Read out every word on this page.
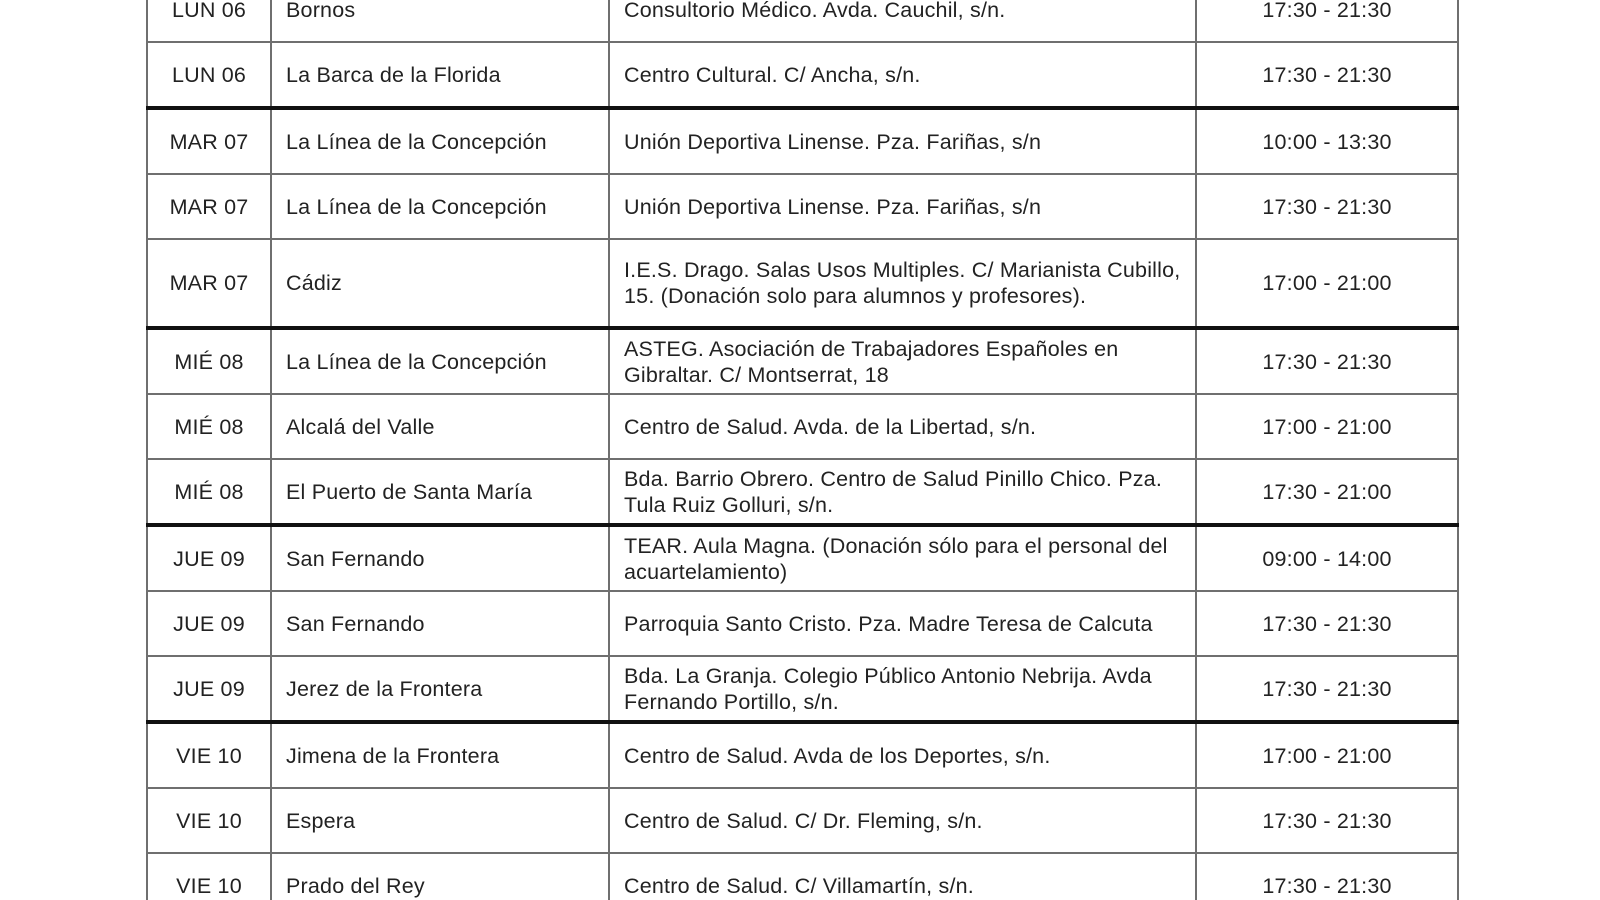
LUN 06	Bornos	Consultorio Médico. Avda. Cauchil, s/n.	17:30 - 21:30
LUN 06	La Barca de la Florida	Centro Cultural. C/ Ancha, s/n.	17:30 - 21:30
MAR 07	La Línea de la Concepción	Unión Deportiva Linense. Pza. Fariñas, s/n	10:00 - 13:30
MAR 07	La Línea de la Concepción	Unión Deportiva Linense. Pza. Fariñas, s/n	17:30 - 21:30
MAR 07	Cádiz	I.E.S. Drago. Salas Usos Multiples. C/ Marianista Cubillo, 15. (Donación solo para alumnos y profesores).	17:00 - 21:00
MIÉ 08	La Línea de la Concepción	ASTEG. Asociación de Trabajadores Españoles en Gibraltar. C/ Montserrat, 18	17:30 - 21:30
MIÉ 08	Alcalá del Valle	Centro de Salud. Avda. de la Libertad, s/n.	17:00 - 21:00
MIÉ 08	El Puerto de Santa María	Bda. Barrio Obrero. Centro de Salud Pinillo Chico. Pza. Tula Ruiz Golluri, s/n.	17:30 - 21:00
JUE 09	San Fernando	TEAR. Aula Magna. (Donación sólo para el personal del acuartelamiento)	09:00 - 14:00
JUE 09	San Fernando	Parroquia Santo Cristo. Pza. Madre Teresa de Calcuta	17:30 - 21:30
JUE 09	Jerez de la Frontera	Bda. La Granja. Colegio Público Antonio Nebrija. Avda Fernando Portillo, s/n.	17:30 - 21:30
VIE 10	Jimena de la Frontera	Centro de Salud. Avda de los Deportes, s/n.	17:00 - 21:00
VIE 10	Espera	Centro de Salud. C/ Dr. Fleming, s/n.	17:30 - 21:30
VIE 10	Prado del Rey	Centro de Salud. C/ Villamartín, s/n.	17:30 - 21:30
